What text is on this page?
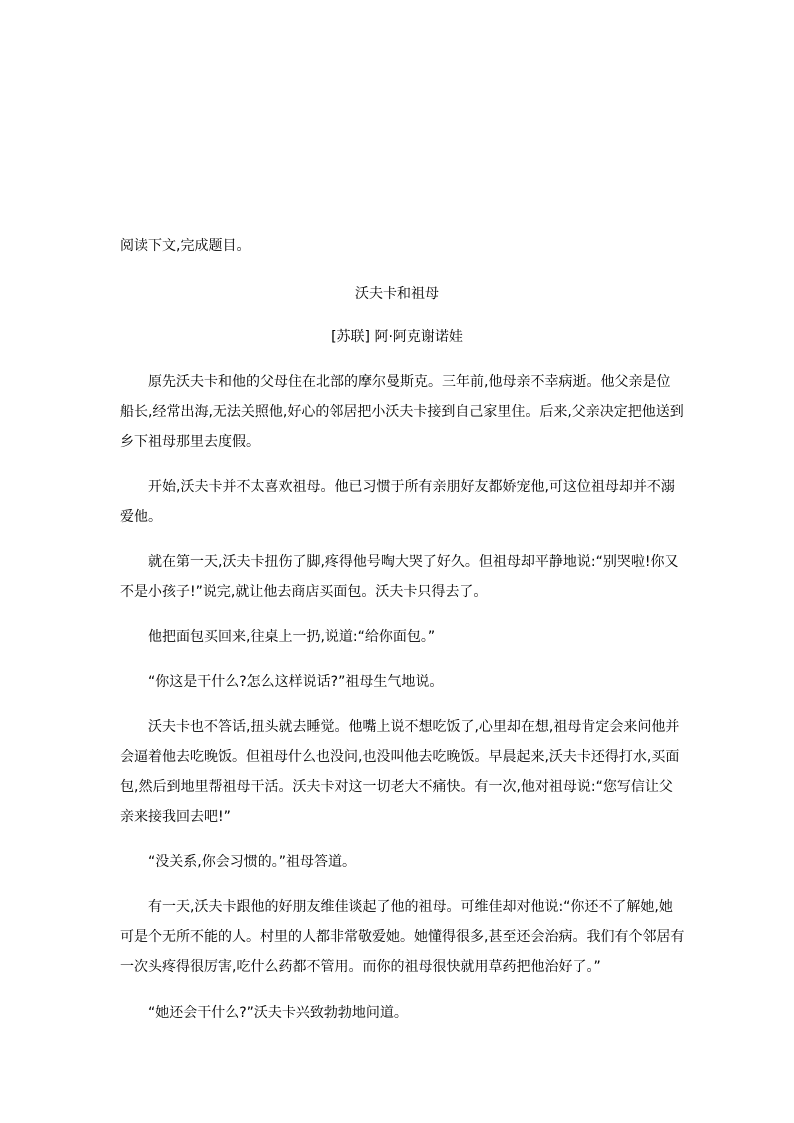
阅读下文,完成题目。

沃夫卡和祖母

[苏联] 阿·阿克谢诺娃

原先沃夫卡和他的父母住在北部的摩尔曼斯克。三年前,他母亲不幸病逝。他父亲是位

船长,经常出海,无法关照他,好心的邻居把小沃夫卡接到自己家里住。后来,父亲决定把他送到

乡下祖母那里去度假。

开始,沃夫卡并不太喜欢祖母。他已习惯于所有亲朋好友都娇宠他,可这位祖母却并不溺

爱他。

就在第一天,沃夫卡扭伤了脚,疼得他号啕大哭了好久。但祖母却平静地说:“别哭啦!你又

不是小孩子!”说完,就让他去商店买面包。沃夫卡只得去了。

他把面包买回来,往桌上一扔,说道:“给你面包。”

“你这是干什么?怎么这样说话?”祖母生气地说。

沃夫卡也不答话,扭头就去睡觉。他嘴上说不想吃饭了,心里却在想,祖母肯定会来问他并

会逼着他去吃晚饭。但祖母什么也没问,也没叫他去吃晚饭。早晨起来,沃夫卡还得打水,买面

包,然后到地里帮祖母干活。沃夫卡对这一切老大不痛快。有一次,他对祖母说:“您写信让父

亲来接我回去吧!”

“没关系,你会习惯的。”祖母答道。

有一天,沃夫卡跟他的好朋友维佳谈起了他的祖母。可维佳却对他说:“你还不了解她,她

可是个无所不能的人。村里的人都非常敬爱她。她懂得很多,甚至还会治病。我们有个邻居有

一次头疼得很厉害,吃什么药都不管用。而你的祖母很快就用草药把他治好了。”

“她还会干什么?”沃夫卡兴致勃勃地问道。
